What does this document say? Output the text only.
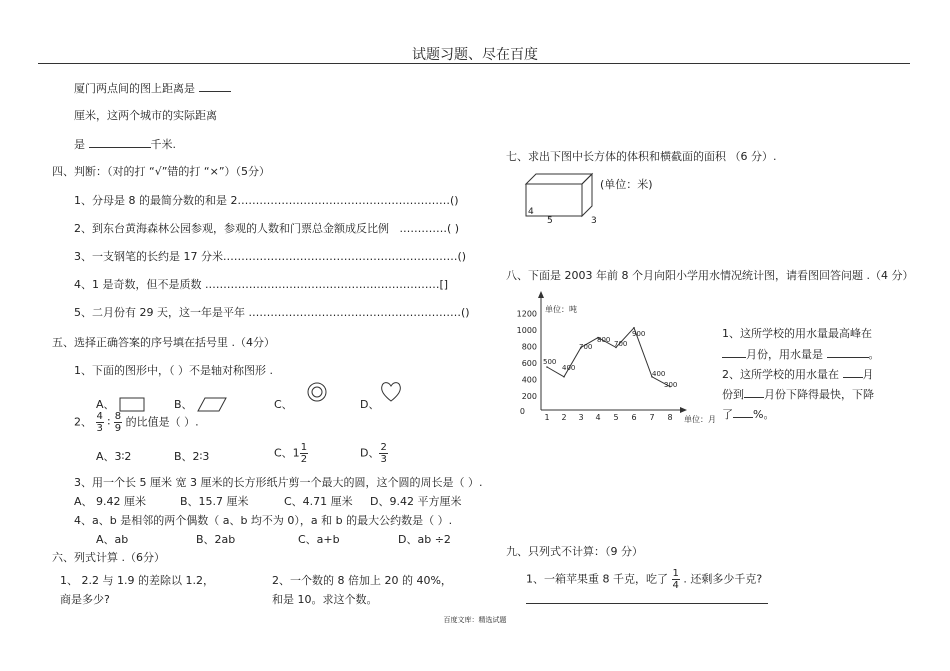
试题习题、尽在百度
厦门两点间的图上距离是
厘米，这两个城市的实际距离
是	千米.
四、判断：（对的打 “√”错的打 “×”）（5分）
1、分母是 8 的最简分数的和是 2.…………………………………………………()
2、到东台黄海森林公园参观，参观的人数和门票总金额成反比例 .…………( )
3、一支钢笔的长约是 17 分米.………………………………………………………()
4、1 是奇数，但不是质数 .………………………………………………………[]
5、二月份有 29 天，这一年是平年 .…………………………………………………()
五、选择正确答案的序号填在括号里 .（4分）
1、下面的图形中，（ ）不是轴对称图形 .
A、	B、	C、	D、
2、 $\frac{4}{3}$ ∶ $\frac{8}{9}$ 的比值是（ ）.
A、3∶2	B、2∶3	C、$1 \frac{1}{2}$	D、 $\frac{2}{3}$
3、用一个长 5 厘米 宽 3 厘米的长方形纸片剪一个最大的圆，这个圆的周长是（ ）.
A、 9.42 厘米	B、15.7 厘米	C、4.71 厘米 D、9.42 平方厘米
4、a、b 是相邻的两个偶数（ a、b 均不为 0），a 和 b 的最大公约数是（ ）.
A、ab	B、2ab	C、a+b	D、ab ÷2
六、列式计算 .（6分）
1、 2.2 与 1.9 的差除以 1.2，
商是多少?
2、一个数的 8 倍加上 20 的 40%，
和是 10。求这个数。
七、求出下图中长方体的体积和横截面的面积 （6 分）.
(单位：米)
4
5	3
八、下面是 2003 年前 8 个月向阳小学用水情况统计图，请看图回答问题 .（4 分）
单位：吨
单位：月
200
400
600
800
1000
1200
0
1 2 3 4 5 6 7 8
500
400
700
800 700
900
400
300
1、这所学校的用水量最高峰在
月份，用水量是	。
2、这所学校的用水量在 月
份到 月份下降得最快，下降
了 %。
九、只列式不计算：（9 分）
1、一箱苹果重 8 千克，吃了 $\frac{1}{4}$ . 还剩多少千克?
百度文库：精选试题
